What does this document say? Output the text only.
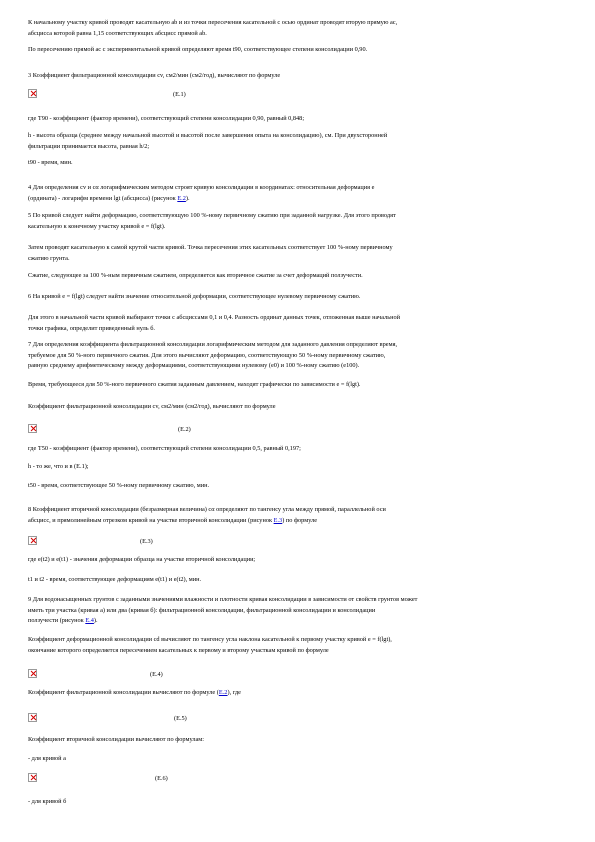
К начальному участку кривой проводят касательную ab и из точки пересечения касательной с осью ординат проводят вторую прямую ac,
абсцисса которой равна 1,15 соответствующих абсцисс прямой ab.
По пересечению прямой ac с экспериментальной кривой определяют время t90, соответствующее степени консолидации 0,90.
3 Коэффициент фильтрационной консолидации cv, см2/мин (см2/год), вычисляют по формуле
где T90 - коэффициент (фактор времени), соответствующий степени консолидации 0,90, равный 0,848;
h - высота образца (среднее между начальной высотой и высотой после завершения опыта на консолидацию), см. При двухсторонней
фильтрации принимается высота, равная h/2;
t90 - время, мин.
4 Для определения cv и cα логарифмическим методом строят кривую консолидации в координатах: относительная деформация e
(ордината) - логарифм времени lgt (абсцисса) (рисунок Е.2).
5 По кривой следует найти деформацию, соответствующую 100 %-ному первичному сжатию при заданной нагрузке. Для этого проводят
касательную к конечному участку кривой e = f(lgt).
Затем проводят касательную к самой крутой части кривой. Точка пересечения этих касательных соответствует 100 %-ному первичному
сжатию грунта.
Сжатие, следующее за 100 %-ным первичным сжатием, определяется как вторичное сжатие за счет деформаций ползучести.
6 На кривой e = f(lgt) следует найти значение относительной деформации, соответствующее нулевому первичному сжатию.
Для этого в начальной части кривой выбирают точки с абсциссами 0,1 и 0,4. Разность ординат данных точек, отложенная выше начальной
точки графика, определит приведенный нуль б.
7 Для определения коэффициента фильтрационной консолидации логарифмическим методом для заданного давления определяют время,
требуемое для 50 %-ного первичного сжатия. Для этого вычисляют деформацию, соответствующую 50 %-ному первичному сжатию,
равную среднему арифметическому между деформациями, соответствующими нулевому (e0) и 100 %-ному сжатию (e100).
Время, требующееся для 50 %-ного первичного сжатия заданным давлением, находят графически по зависимости e = f(lgt).
Коэффициент фильтрационной консолидации cv, см2/мин (см2/год), вычисляют по формуле
где T50 - коэффициент (фактор времени), соответствующий степени консолидации 0,5, равный 0,197;
h - то же, что и в (Е.1);
t50 - время, соответствующее 50 %-ному первичному сжатию, мин.
8 Коэффициент вторичной консолидации (безразмерная величина) cα определяют по тангенсу угла между прямой, параллельной оси
абсцисс, и прямолинейным отрезком кривой на участке вторичной консолидации (рисунок Е.3) по формуле
где e(t2) и e(t1) - значения деформации образца на участке вторичной консолидации;
t1 и t2 - время, соответствующее деформациям e(t1) и e(t2), мин.
9 Для водонасыщенных грунтов с заданными значениями влажности и плотности кривая консолидации в зависимости от свойств грунтов может
иметь три участка (кривая а) или два (кривая б): фильтрационной консолидации, фильтрационной консолидации и консолидации
ползучести (рисунок Е.4).
Коэффициент деформационной консолидации cd вычисляют по тангенсу угла наклона касательной к первому участку кривой e = f(lgt),
окончание которого определяется пересечением касательных к первому и второму участкам кривой по формуле
Коэффициент фильтрационной консолидации вычисляют по формуле (Е.2), где
Коэффициент вторичной консолидации вычисляют по формулам:
- для кривой а
- для кривой б
(Е.1)
(Е.2)
(Е.3)
(Е.4)
(Е.5)
(Е.6)
